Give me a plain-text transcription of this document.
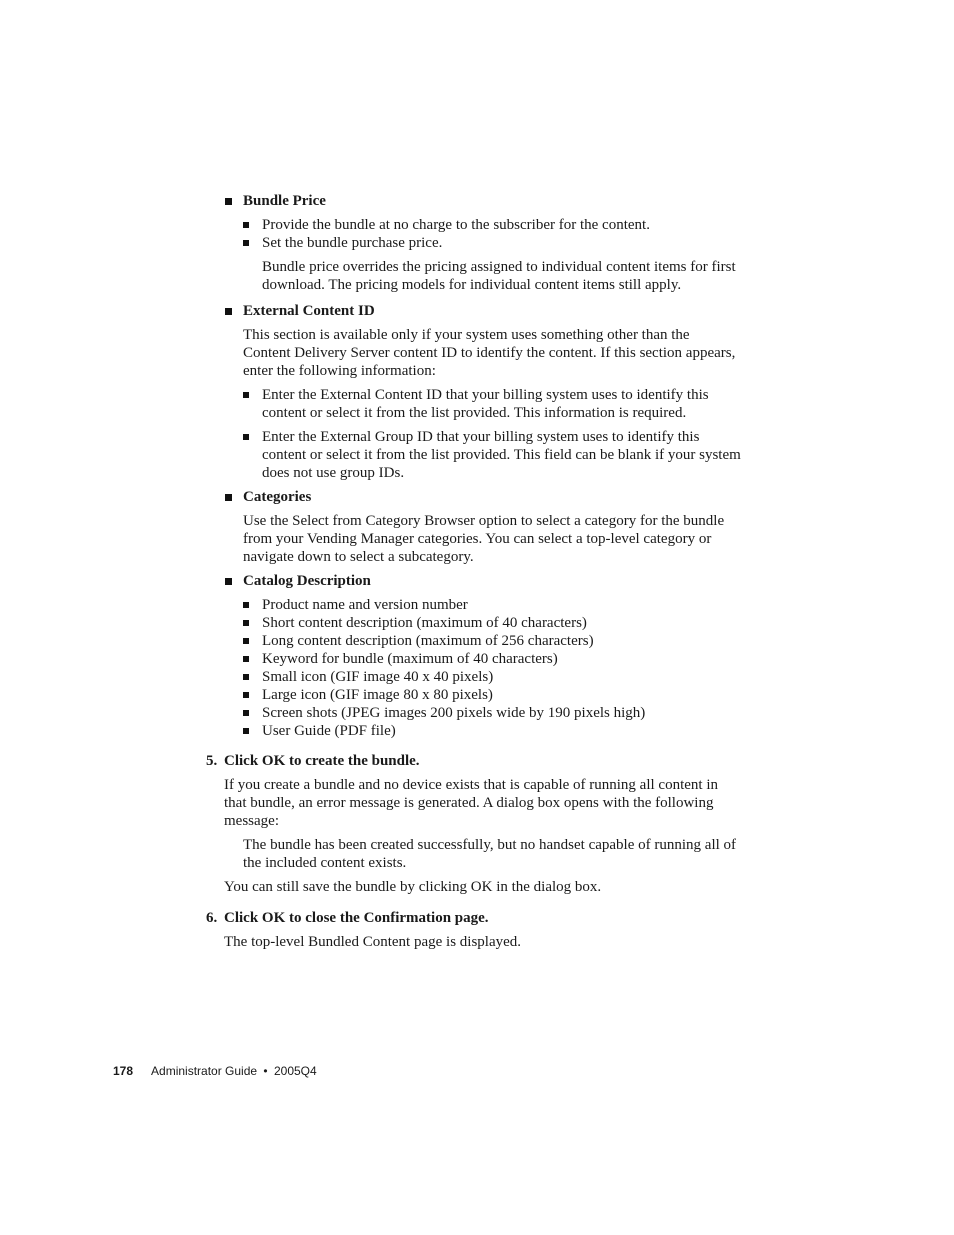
Bundle Price
Provide the bundle at no charge to the subscriber for the content.
Set the bundle purchase price.
Bundle price overrides the pricing assigned to individual content items for first
download. The pricing models for individual content items still apply.
External Content ID
This section is available only if your system uses something other than the
Content Delivery Server content ID to identify the content. If this section appears,
enter the following information:
Enter the External Content ID that your billing system uses to identify this
content or select it from the list provided. This information is required.
Enter the External Group ID that your billing system uses to identify this
content or select it from the list provided. This field can be blank if your system
does not use group IDs.
Categories
Use the Select from Category Browser option to select a category for the bundle
from your Vending Manager categories. You can select a top-level category or
navigate down to select a subcategory.
Catalog Description
Product name and version number
Short content description (maximum of 40 characters)
Long content description (maximum of 256 characters)
Keyword for bundle (maximum of 40 characters)
Small icon (GIF image 40 x 40 pixels)
Large icon (GIF image 80 x 80 pixels)
Screen shots (JPEG images 200 pixels wide by 190 pixels high)
User Guide (PDF file)
5. Click OK to create the bundle.
If you create a bundle and no device exists that is capable of running all content in
that bundle, an error message is generated. A dialog box opens with the following
message:
The bundle has been created successfully, but no handset capable of running all of
the included content exists.
You can still save the bundle by clicking OK in the dialog box.
6. Click OK to close the Confirmation page.
The top-level Bundled Content page is displayed.
178 Administrator Guide • 2005Q4
